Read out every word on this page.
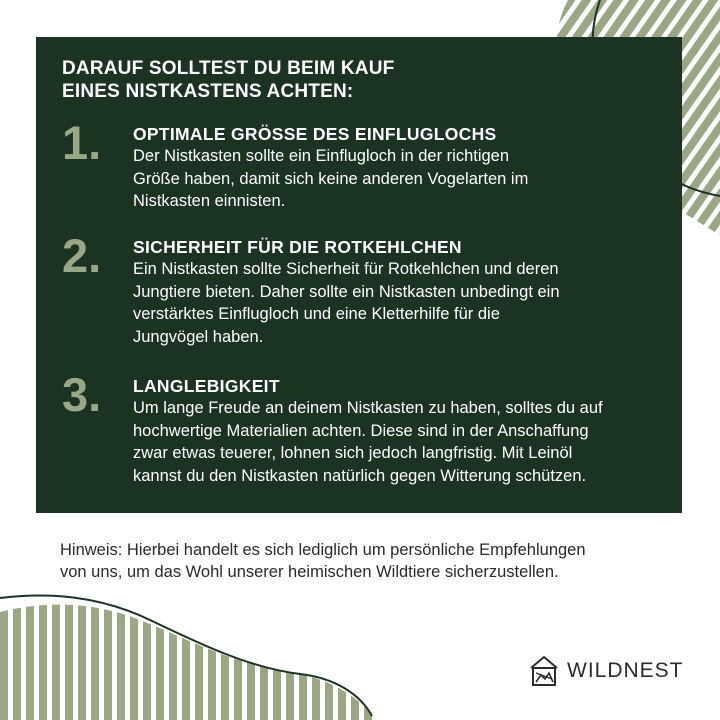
DARAUF SOLLTEST DU BEIM KAUF
EINES NISTKASTENS ACHTEN:
1. OPTIMALE GRÖSSE DES EINFLUGLOCHS

Der Nistkasten sollte ein Einflugloch in der richtigen
Größe haben, damit sich keine anderen Vogelarten im
Nistkasten einnisten.

2. SICHERHEIT FÜR DIE ROTKEHLCHEN

Ein Nistkasten sollte Sicherheit für Rotkehlchen und deren
Jungtiere bieten. Daher sollte ein Nistkasten unbedingt ein
verstärktes Einflugloch und eine Kletterhilfe für die
Jungvögel haben.

3. LANGLEBIGKEIT

Um lange Freude an deinem Nistkasten zu haben, solltes du auf
hochwertige Materialien achten. Diese sind in der Anschaffung
zwar etwas teuerer, lohnen sich jedoch langfristig. Mit Leinöl
kannst du den Nistkasten natürlich gegen Witterung schützen.

Hinweis: Hierbei handelt es sich lediglich um persönliche Empfehlungen
von uns, um das Wohl unserer heimischen Wildtiere sicherzustellen.

WILDNEST
